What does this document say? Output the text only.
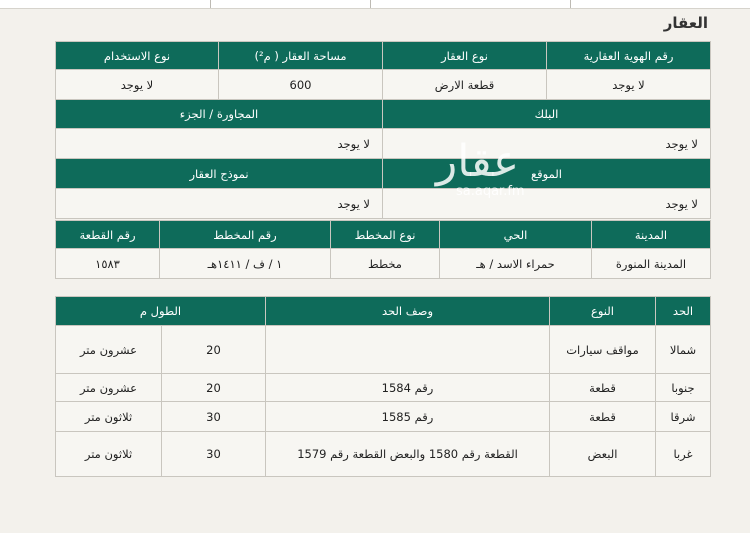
العقار
رقم الهوية العقارية	نوع العقار	مساحة العقار ( م²)	نوع الاستخدام
لا يوجد	قطعة الارض	600	لا يوجد
البلك		المجاورة / الجزء	
لا يوجد		لا يوجد	
الموقع		نموذج العقار	
لا يوجد		لا يوجد	
المدينة	الحي	نوع المخطط	رقم المخطط	رقم القطعة
المدينة المنورة	حمراء الاسد / هـ	مخطط	١ / ف / ١٤١١هـ	١٥٨٣
الحد	النوع	وصف الحد	الطول م	
شمالا	مواقف سيارات		20	عشرون متر
جنوبا	قطعة	رقم 1584	20	عشرون متر
شرقا	قطعة	رقم 1585	30	ثلاثون متر
غربا	البعض	القطعة رقم 1580 والبعض القطعة رقم 1579	30	ثلاثون متر
عقار
sa.aqar.fm
